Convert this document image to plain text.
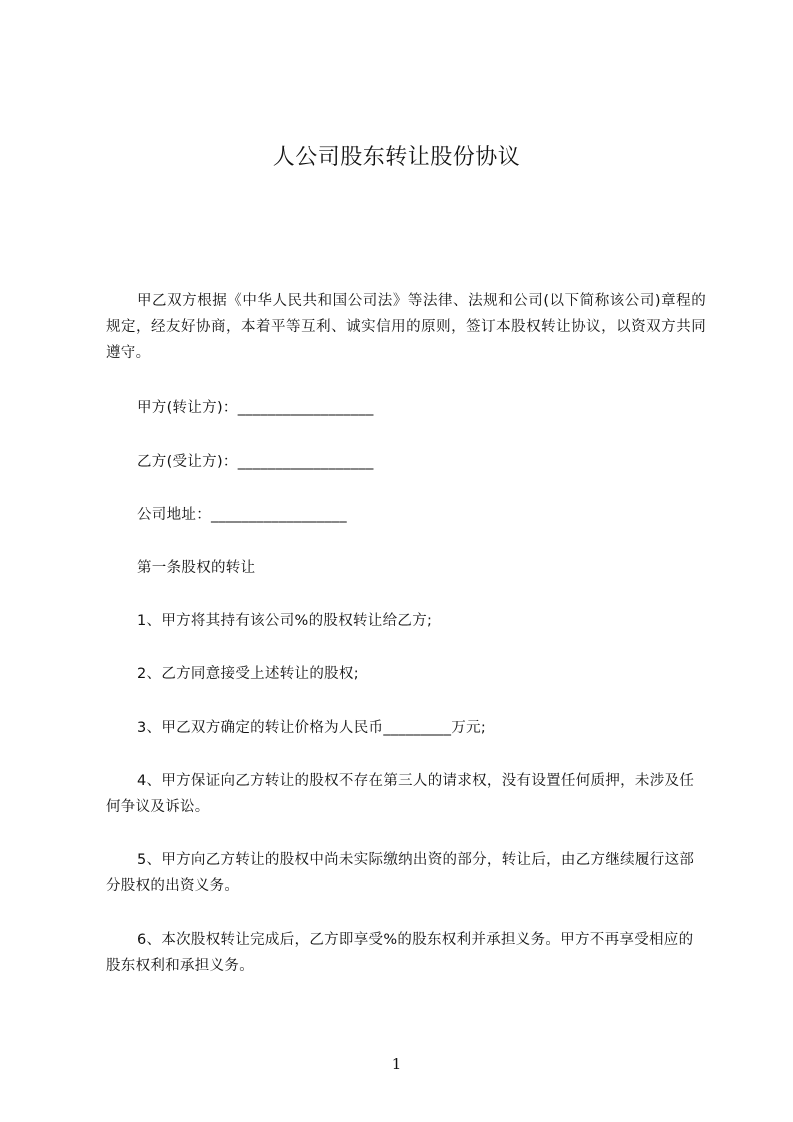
人公司股东转让股份协议
甲乙双方根据《中华人民共和国公司法》等法律、法规和公司(以下简称该公司)章程的规定，经友好协商，本着平等互利、诚实信用的原则，签订本股权转让协议，以资双方共同遵守。
甲方(转让方)：__________________
乙方(受让方)：__________________
公司地址：__________________
第一条股权的转让
1、甲方将其持有该公司%的股权转让给乙方;
2、乙方同意接受上述转让的股权;
3、甲乙双方确定的转让价格为人民币_________万元;
4、甲方保证向乙方转让的股权不存在第三人的请求权，没有设置任何质押，未涉及任何争议及诉讼。
5、甲方向乙方转让的股权中尚未实际缴纳出资的部分，转让后，由乙方继续履行这部分股权的出资义务。
6、本次股权转让完成后，乙方即享受%的股东权利并承担义务。甲方不再享受相应的股东权利和承担义务。
1
